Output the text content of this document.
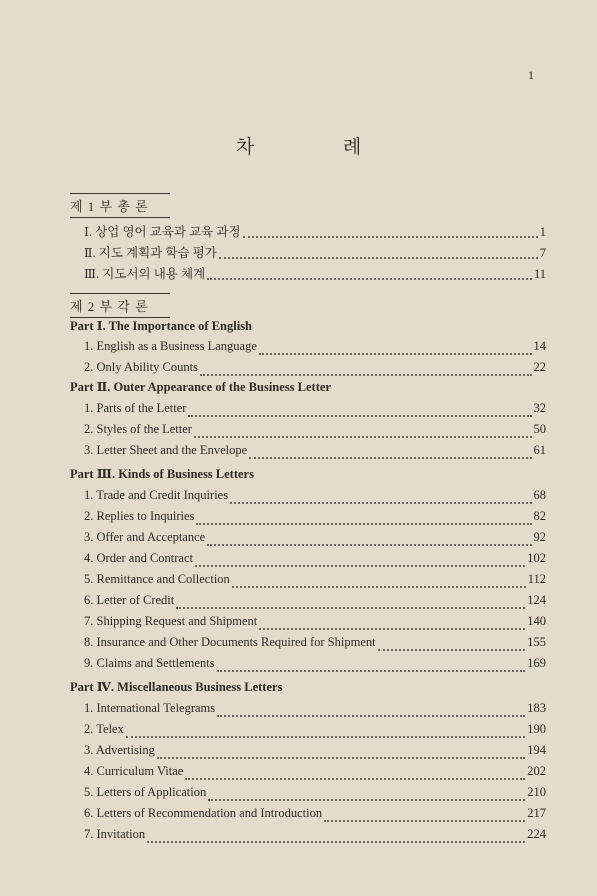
1
차 례
제 1 부 총 론
제 2 부 각 론
Ⅰ. 상업 영어 교육과 교육 과정	1
Ⅱ. 지도 계획과 학습 평가	7
Ⅲ. 지도서의 내용 체계	11
Part Ⅰ. The Importance of English
1. English as a Business Language	14
2. Only Ability Counts	22
Part Ⅱ. Outer Appearance of the Business Letter
1. Parts of the Letter	32
2. Styles of the Letter	50
3. Letter Sheet and the Envelope	61
Part Ⅲ. Kinds of Business Letters
1. Trade and Credit Inquiries	68
2. Replies to Inquiries	82
3. Offer and Acceptance	92
4. Order and Contract	102
5. Remittance and Collection	112
6. Letter of Credit	124
7. Shipping Request and Shipment	140
8. Insurance and Other Documents Required for Shipment	155
9. Claims and Settlements	169
Part Ⅳ. Miscellaneous Business Letters
1. International Telegrams	183
2. Telex	190
3. Advertising	194
4. Curriculum Vitae	202
5. Letters of Application	210
6. Letters of Recommendation and Introduction	217
7. Invitation	224
